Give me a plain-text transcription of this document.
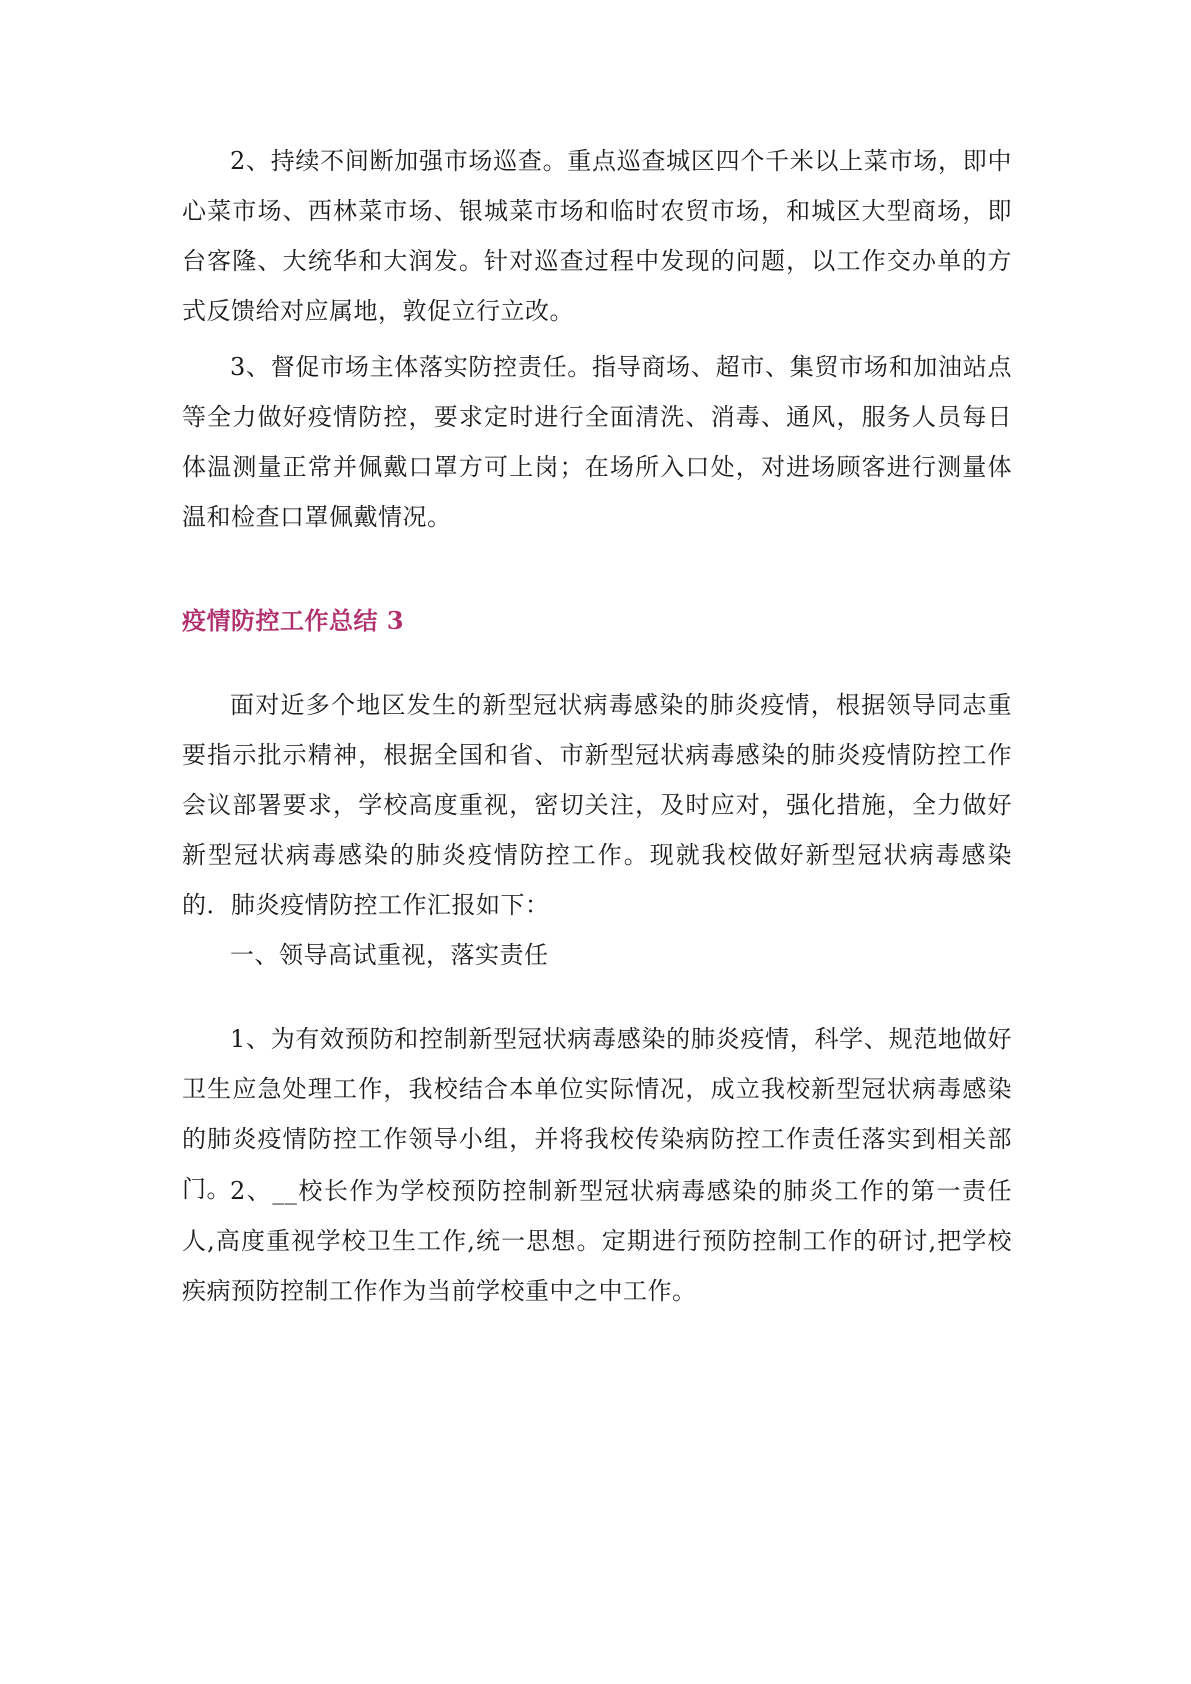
2、持续不间断加强市场巡查。重点巡查城区四个千米以上菜市场，即中心菜市场、西林菜市场、银城菜市场和临时农贸市场，和城区大型商场，即台客隆、大统华和大润发。针对巡查过程中发现的问题，以工作交办单的方式反馈给对应属地，敦促立行立改。

3、督促市场主体落实防控责任。指导商场、超市、集贸市场和加油站点等全力做好疫情防控，要求定时进行全面清洗、消毒、通风，服务人员每日体温测量正常并佩戴口罩方可上岗；在场所入口处，对进场顾客进行测量体温和检查口罩佩戴情况。

疫情防控工作总结 3

面对近多个地区发生的新型冠状病毒感染的肺炎疫情，根据领导同志重要指示批示精神，根据全国和省、市新型冠状病毒感染的肺炎疫情防控工作会议部署要求，学校高度重视，密切关注，及时应对，强化措施，全力做好新型冠状病毒感染的肺炎疫情防控工作。现就我校做好新型冠状病毒感染的．肺炎疫情防控工作汇报如下：

一、领导高试重视，落实责任

1、为有效预防和控制新型冠状病毒感染的肺炎疫情，科学、规范地做好卫生应急处理工作，我校结合本单位实际情况，成立我校新型冠状病毒感染的肺炎疫情防控工作领导小组，并将我校传染病防控工作责任落实到相关部门。 2、__校长作为学校预防控制新型冠状病毒感染的肺炎工作的第一责任人,高度重视学校卫生工作,统一思想。定期进行预防控制工作的研讨,把学校疾病预防控制工作作为当前学校重中之中工作。
